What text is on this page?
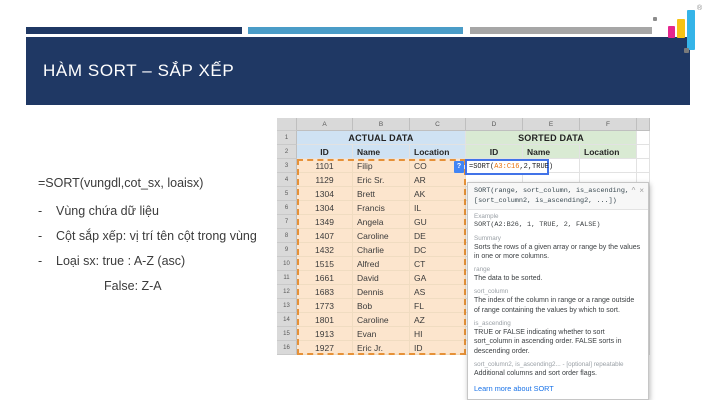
®
HÀM SORT – SẮP XẾP
=SORT(vungdl,cot_sx, loaisx)
-	Vùng chứa dữ liệu
-	Cột sắp xếp: vị trí tên cột trong vùng
-	Loại sx: true : A-Z (asc)
False: Z-A
A	B	C	D	E	F
1	ACTUAL DATA	SORTED DATA
2	ID	Name	Location	ID	Name	Location
3	1101	Filip	CO
4	1129	Eric Sr.	AR
5	1304	Brett	AK
6	1304	Francis	IL
7	1349	Angela	GU
8	1407	Caroline	DE
9	1432	Charlie	DC
10	1515	Alfred	CT
11	1661	David	GA
12	1683	Dennis	AS
13	1773	Bob	FL
14	1801	Caroline	AZ
15	1913	Evan	HI
16	1927	Eric Jr.	ID
?	=SORT( A3:C16 ,2,TRUE)
SORT(range, sort_column, is_ascending,
[sort_column2, is_ascending2, ...])
^ ×
Example
SORT(A2:B26, 1, TRUE, 2, FALSE)
Summary
Sorts the rows of a given array or range by the values in one or more columns.
range
The data to be sorted.
sort_column
The index of the column in range or a range outside of range containing the values by which to sort.
is_ascending
TRUE or FALSE indicating whether to sort sort_column in ascending order. FALSE sorts in descending order.
sort_column2, is_ascending2... - [optional] repeatable
Additional columns and sort order flags.
Learn more about SORT
